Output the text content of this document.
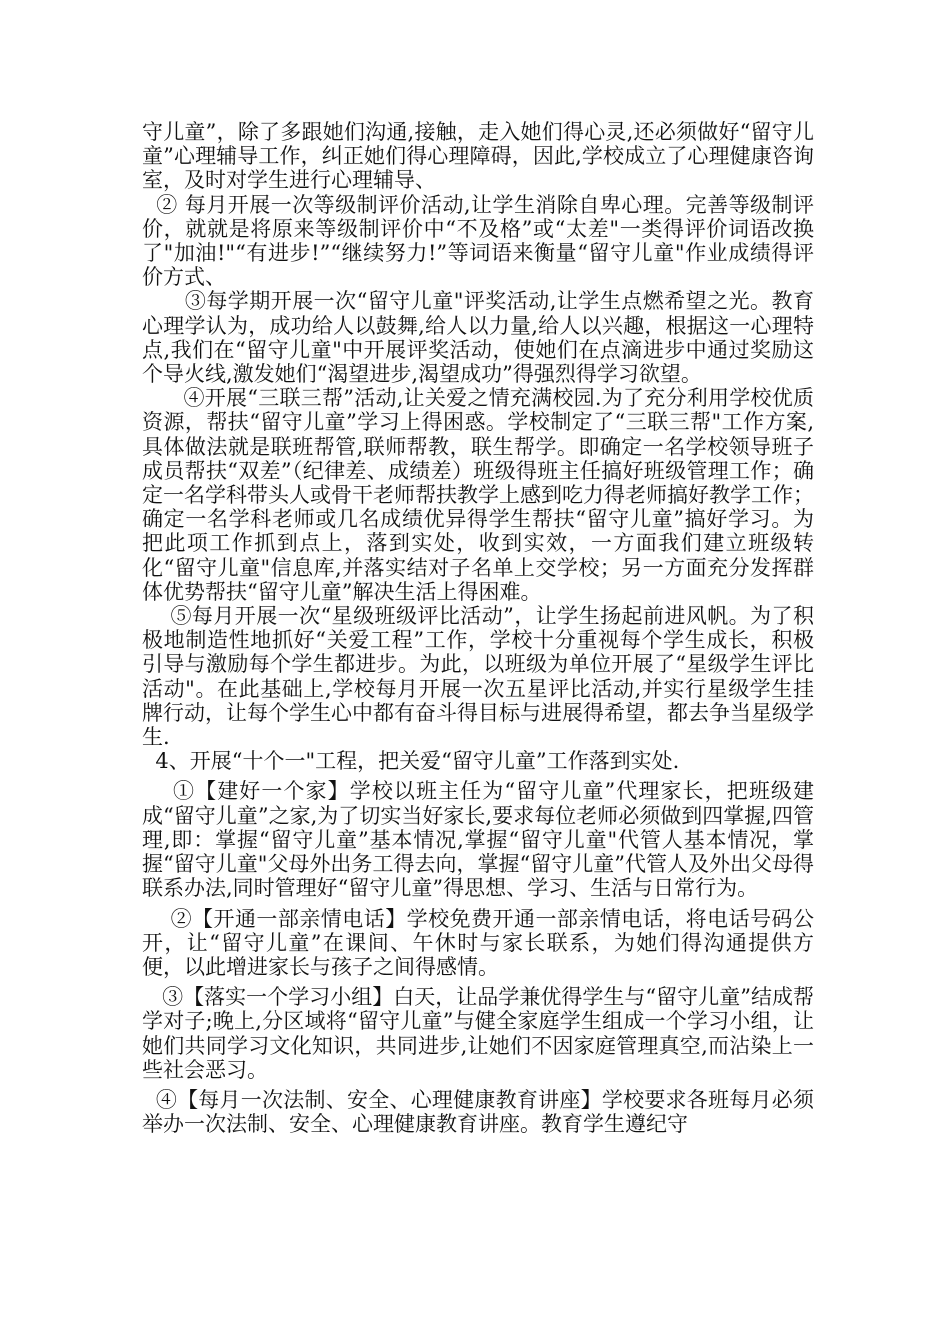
守儿童”，除了多跟她们沟通,接触，走入她们得心灵,还必须做好“留守儿童”心理辅导工作，纠正她们得心理障碍，因此,学校成立了心理健康咨询室，及时对学生进行心理辅导、

② 每月开展一次等级制评价活动,让学生消除自卑心理。完善等级制评价，就就是将原来等级制评价中“不及格”或“太差"一类得评价词语改换了"加油!"“有进步!”“继续努力!”等词语来衡量“留守儿童"作业成绩得评价方式、

③每学期开展一次“留守儿童"评奖活动,让学生点燃希望之光。教育心理学认为，成功给人以鼓舞,给人以力量,给人以兴趣，根据这一心理特点,我们在“留守儿童"中开展评奖活动，使她们在点滴进步中通过奖励这个导火线,激发她们“渴望进步,渴望成功”得强烈得学习欲望。

④开展“三联三帮”活动,让关爱之情充满校园.为了充分利用学校优质资源，帮扶“留守儿童”学习上得困惑。学校制定了“三联三帮"工作方案,具体做法就是联班帮管,联师帮教，联生帮学。即确定一名学校领导班子成员帮扶“双差”（纪律差、成绩差）班级得班主任搞好班级管理工作；确定一名学科带头人或骨干老师帮扶教学上感到吃力得老师搞好教学工作；确定一名学科老师或几名成绩优异得学生帮扶“留守儿童”搞好学习。为把此项工作抓到点上，落到实处，收到实效，一方面我们建立班级转化“留守儿童"信息库,并落实结对子名单上交学校；另一方面充分发挥群体优势帮扶“留守儿童”解决生活上得困难。

⑤每月开展一次“星级班级评比活动”，让学生扬起前进风帆。为了积极地制造性地抓好“关爱工程”工作，学校十分重视每个学生成长，积极引导与激励每个学生都进步。为此，以班级为单位开展了“星级学生评比活动"。在此基础上,学校每月开展一次五星评比活动,并实行星级学生挂牌行动，让每个学生心中都有奋斗得目标与进展得希望，都去争当星级学生.

4、开展“十个一"工程，把关爱“留守儿童”工作落到实处.

①【建好一个家】学校以班主任为“留守儿童”代理家长，把班级建成“留守儿童”之家,为了切实当好家长,要求每位老师必须做到四掌握,四管理,即：掌握“留守儿童”基本情况,掌握“留守儿童"代管人基本情况，掌握“留守儿童"父母外出务工得去向，掌握“留守儿童”代管人及外出父母得联系办法,同时管理好“留守儿童”得思想、学习、生活与日常行为。

②【开通一部亲情电话】学校免费开通一部亲情电话，将电话号码公开，让“留守儿童”在课间、午休时与家长联系，为她们得沟通提供方便，以此增进家长与孩子之间得感情。

③【落实一个学习小组】白天，让品学兼优得学生与“留守儿童”结成帮学对子;晚上,分区域将“留守儿童”与健全家庭学生组成一个学习小组，让她们共同学习文化知识，共同进步,让她们不因家庭管理真空,而沾染上一些社会恶习。

④【每月一次法制、安全、心理健康教育讲座】学校要求各班每月必须举办一次法制、安全、心理健康教育讲座。教育学生遵纪守
